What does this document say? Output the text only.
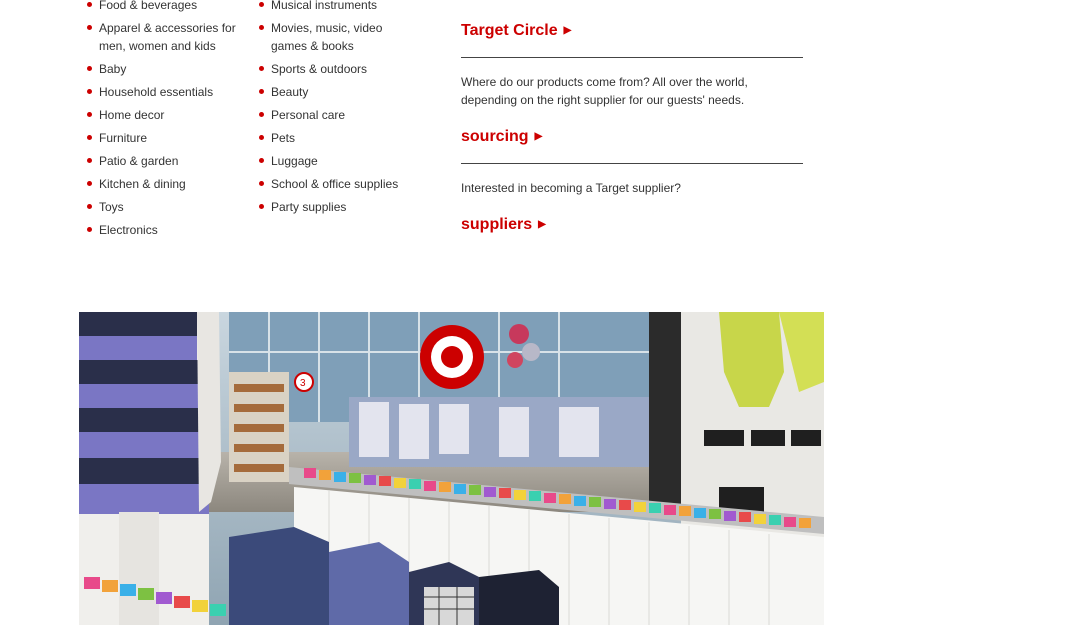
Food & beverages
Apparel & accessories for men, women and kids
Baby
Household essentials
Home decor
Furniture
Patio & garden
Kitchen & dining
Toys
Electronics
Musical instruments
Movies, music, video games & books
Sports & outdoors
Beauty
Personal care
Pets
Luggage
School & office supplies
Party supplies
Target Circle ▶
Where do our products come from? All over the world, depending on the right supplier for our guests' needs.
sourcing ▶
Interested in becoming a Target supplier?
suppliers ▶
3
